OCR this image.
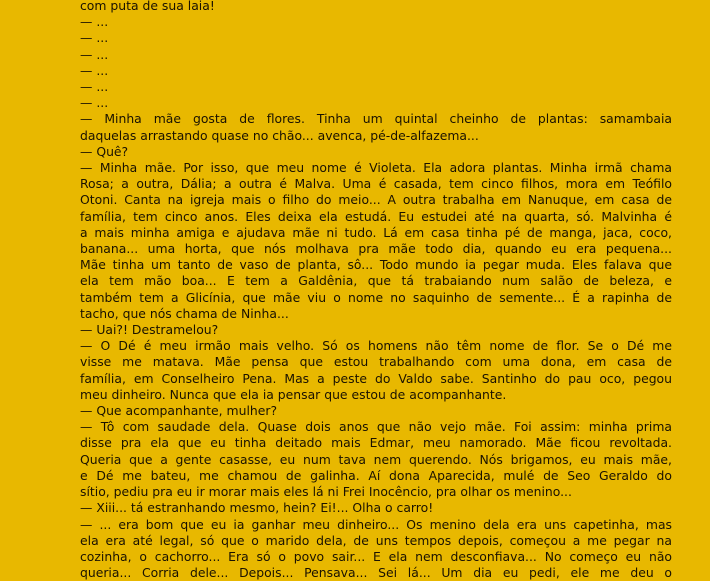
com puta de sua laia!
— ...
— ...
— ...
— ...
— ...
— ...
— Minha mãe gosta de flores. Tinha um quintal cheinho de plantas: samambaia
daquelas arrastando quase no chão... avenca, pé-de-alfazema...
— Quê?
— Minha mãe. Por isso, que meu nome é Violeta. Ela adora plantas. Minha irmã chama
Rosa; a outra, Dália; a outra é Malva. Uma é casada, tem cinco filhos, mora em Teófilo
Otoni. Canta na igreja mais o filho do meio... A outra trabalha em Nanuque, em casa de
família, tem cinco anos. Eles deixa ela estudá. Eu estudei até na quarta, só. Malvinha é
a mais minha amiga e ajudava mãe ni tudo. Lá em casa tinha pé de manga, jaca, coco,
banana... uma horta, que nós molhava pra mãe todo dia, quando eu era pequena...
Mãe tinha um tanto de vaso de planta, sô... Todo mundo ia pegar muda. Eles falava que
ela tem mão boa... E tem a Galdênia, que tá trabaiando num salão de beleza, e
também tem a Glicínia, que mãe viu o nome no saquinho de semente... É a rapinha de
tacho, que nós chama de Ninha...
— Uai?! Destramelou?
— O Dé é meu irmão mais velho. Só os homens não têm nome de flor. Se o Dé me
visse me matava. Mãe pensa que estou trabalhando com uma dona, em casa de
família, em Conselheiro Pena. Mas a peste do Valdo sabe. Santinho do pau oco, pegou
meu dinheiro. Nunca que ela ia pensar que estou de acompanhante.
— Que acompanhante, mulher?
— Tô com saudade dela. Quase dois anos que não vejo mãe. Foi assim: minha prima
disse pra ela que eu tinha deitado mais Edmar, meu namorado. Mãe ficou revoltada.
Queria que a gente casasse, eu num tava nem querendo. Nós brigamos, eu mais mãe,
e Dé me bateu, me chamou de galinha. Aí dona Aparecida, mulé de Seo Geraldo do
sítio, pediu pra eu ir morar mais eles lá ni Frei Inocêncio, pra olhar os menino...
— Xiii... tá estranhando mesmo, hein? Ei!... Olha o carro!
— ... era bom que eu ia ganhar meu dinheiro... Os menino dela era uns capetinha, mas
ela era até legal, só que o marido dela, de uns tempos depois, começou a me pegar na
cozinha, o cachorro... Era só o povo sair... E ela nem desconfiava... No começo eu não
queria... Corria dele... Depois... Pensava... Sei lá... Um dia eu pedi, ele me deu o
